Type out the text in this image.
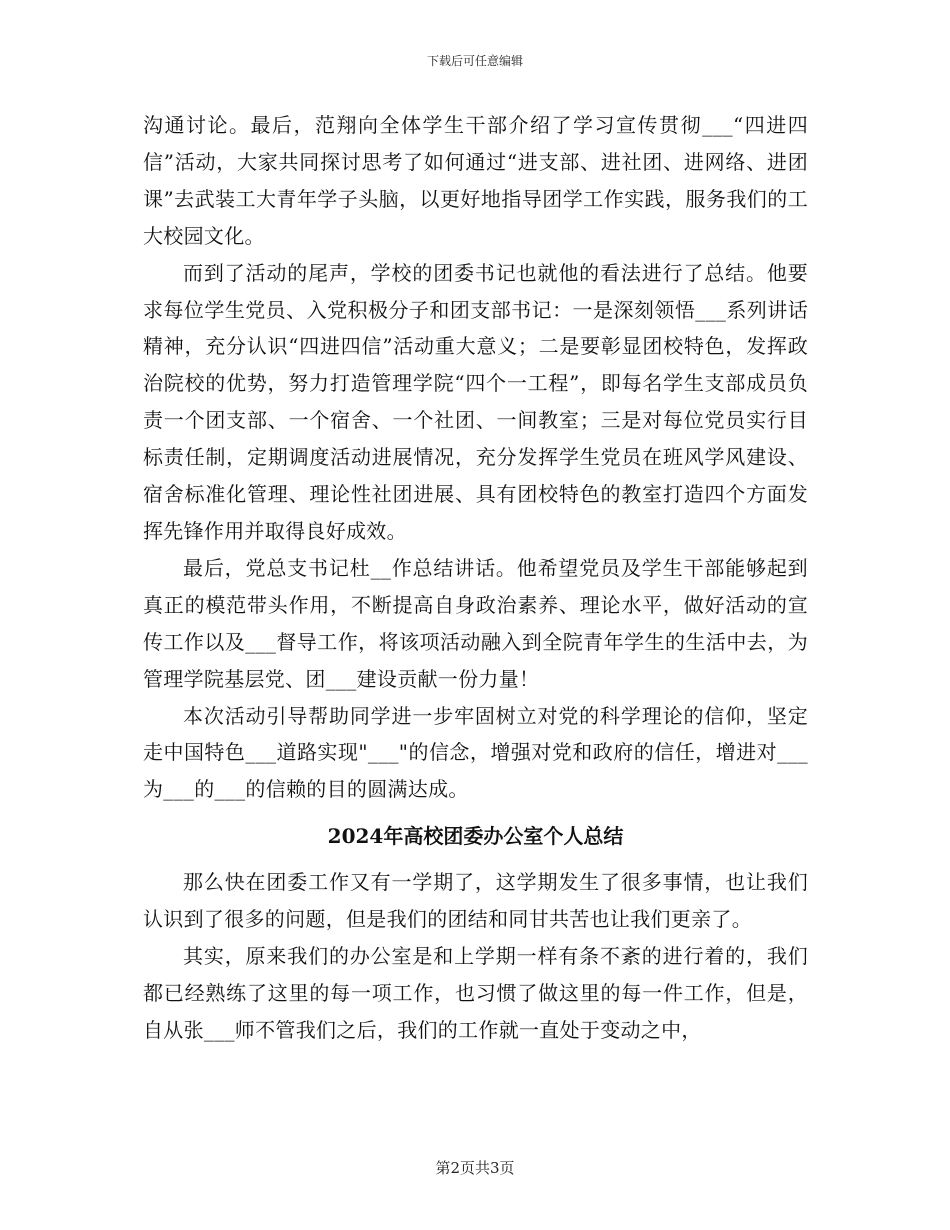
下载后可任意编辑

沟通讨论。最后，范翔向全体学生干部介绍了学习宣传贯彻___“四进四信”活动，大家共同探讨思考了如何通过“进支部、进社团、进网络、进团课”去武装工大青年学子头脑，以更好地指导团学工作实践，服务我们的工大校园文化。

而到了活动的尾声，学校的团委书记也就他的看法进行了总结。他要求每位学生党员、入党积极分子和团支部书记：一是深刻领悟___系列讲话精神，充分认识“四进四信”活动重大意义；二是要彰显团校特色，发挥政治院校的优势，努力打造管理学院“四个一工程”，即每名学生支部成员负责一个团支部、一个宿舍、一个社团、一间教室；三是对每位党员实行目标责任制，定期调度活动进展情况，充分发挥学生党员在班风学风建设、宿舍标准化管理、理论性社团进展、具有团校特色的教室打造四个方面发挥先锋作用并取得良好成效。

最后，党总支书记杜__作总结讲话。他希望党员及学生干部能够起到真正的模范带头作用，不断提高自身政治素养、理论水平，做好活动的宣传工作以及___督导工作，将该项活动融入到全院青年学生的生活中去，为管理学院基层党、团___建设贡献一份力量！

本次活动引导帮助同学进一步牢固树立对党的科学理论的信仰，坚定走中国特色___道路实现"___"的信念，增强对党和政府的信任，增进对___为___的___的信赖的目的圆满达成。

2024年高校团委办公室个人总结

那么快在团委工作又有一学期了，这学期发生了很多事情，也让我们认识到了很多的问题，但是我们的团结和同甘共苦也让我们更亲了。

其实，原来我们的办公室是和上学期一样有条不紊的进行着的，我们都已经熟练了这里的每一项工作，也习惯了做这里的每一件工作，但是，自从张___师不管我们之后，我们的工作就一直处于变动之中，

第2页共3页
